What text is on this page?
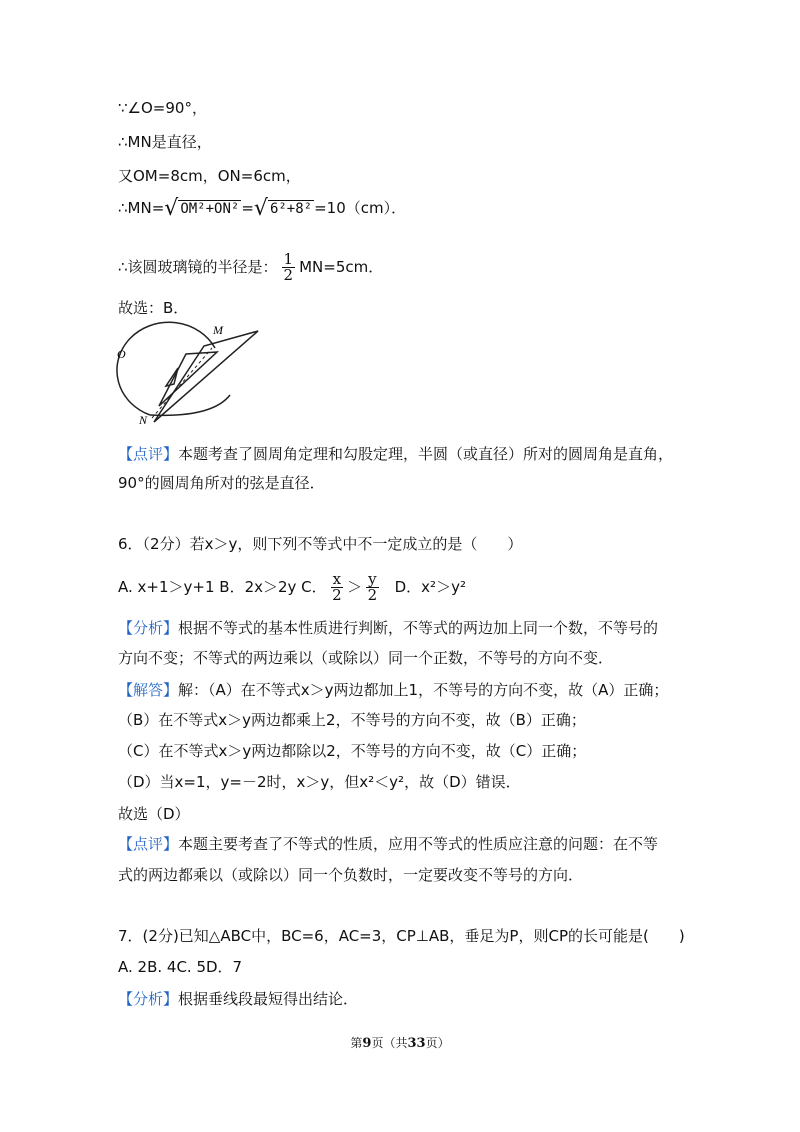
∵∠O=90°，
∴MN是直径，
又OM=8cm，ON=6cm，
∴MN=√ OM²+ON² =√ 6²+8² =10（cm）．
∴该圆玻璃镜的半径是： $\frac{1}{2} MN=5cm$．
故选：B．
M
O
N
【点评】本题考查了圆周角定理和勾股定理，半圆（或直径）所对的圆周角是直角，
90°的圆周角所对的弦是直径．
6．（2分）若x＞y，则下列不等式中不一定成立的是（　　）
A. x+1＞y+1 B．2x＞2y C． $\frac{x}{2} > \frac{y}{2}$ D．x²＞y²
【分析】根据不等式的基本性质进行判断，不等式的两边加上同一个数，不等号的
方向不变；不等式的两边乘以（或除以）同一个正数，不等号的方向不变．
【解答】解：（A）在不等式x＞y两边都加上1，不等号的方向不变，故（A）正确；
（B）在不等式x＞y两边都乘上2，不等号的方向不变，故（B）正确；
（C）在不等式x＞y两边都除以2，不等号的方向不变，故（C）正确；
（D）当x=1，y=－2时，x＞y，但x²＜y²，故（D）错误．
故选（D）
【点评】本题主要考查了不等式的性质，应用不等式的性质应注意的问题：在不等
式的两边都乘以（或除以）同一个负数时，一定要改变不等号的方向．
7．(2分)已知△ABC中，BC=6，AC=3，CP⊥AB，垂足为P，则CP的长可能是(　　)
A. 2B. 4C. 5D．7
【分析】根据垂线段最短得出结论．
第9页（共33页）
